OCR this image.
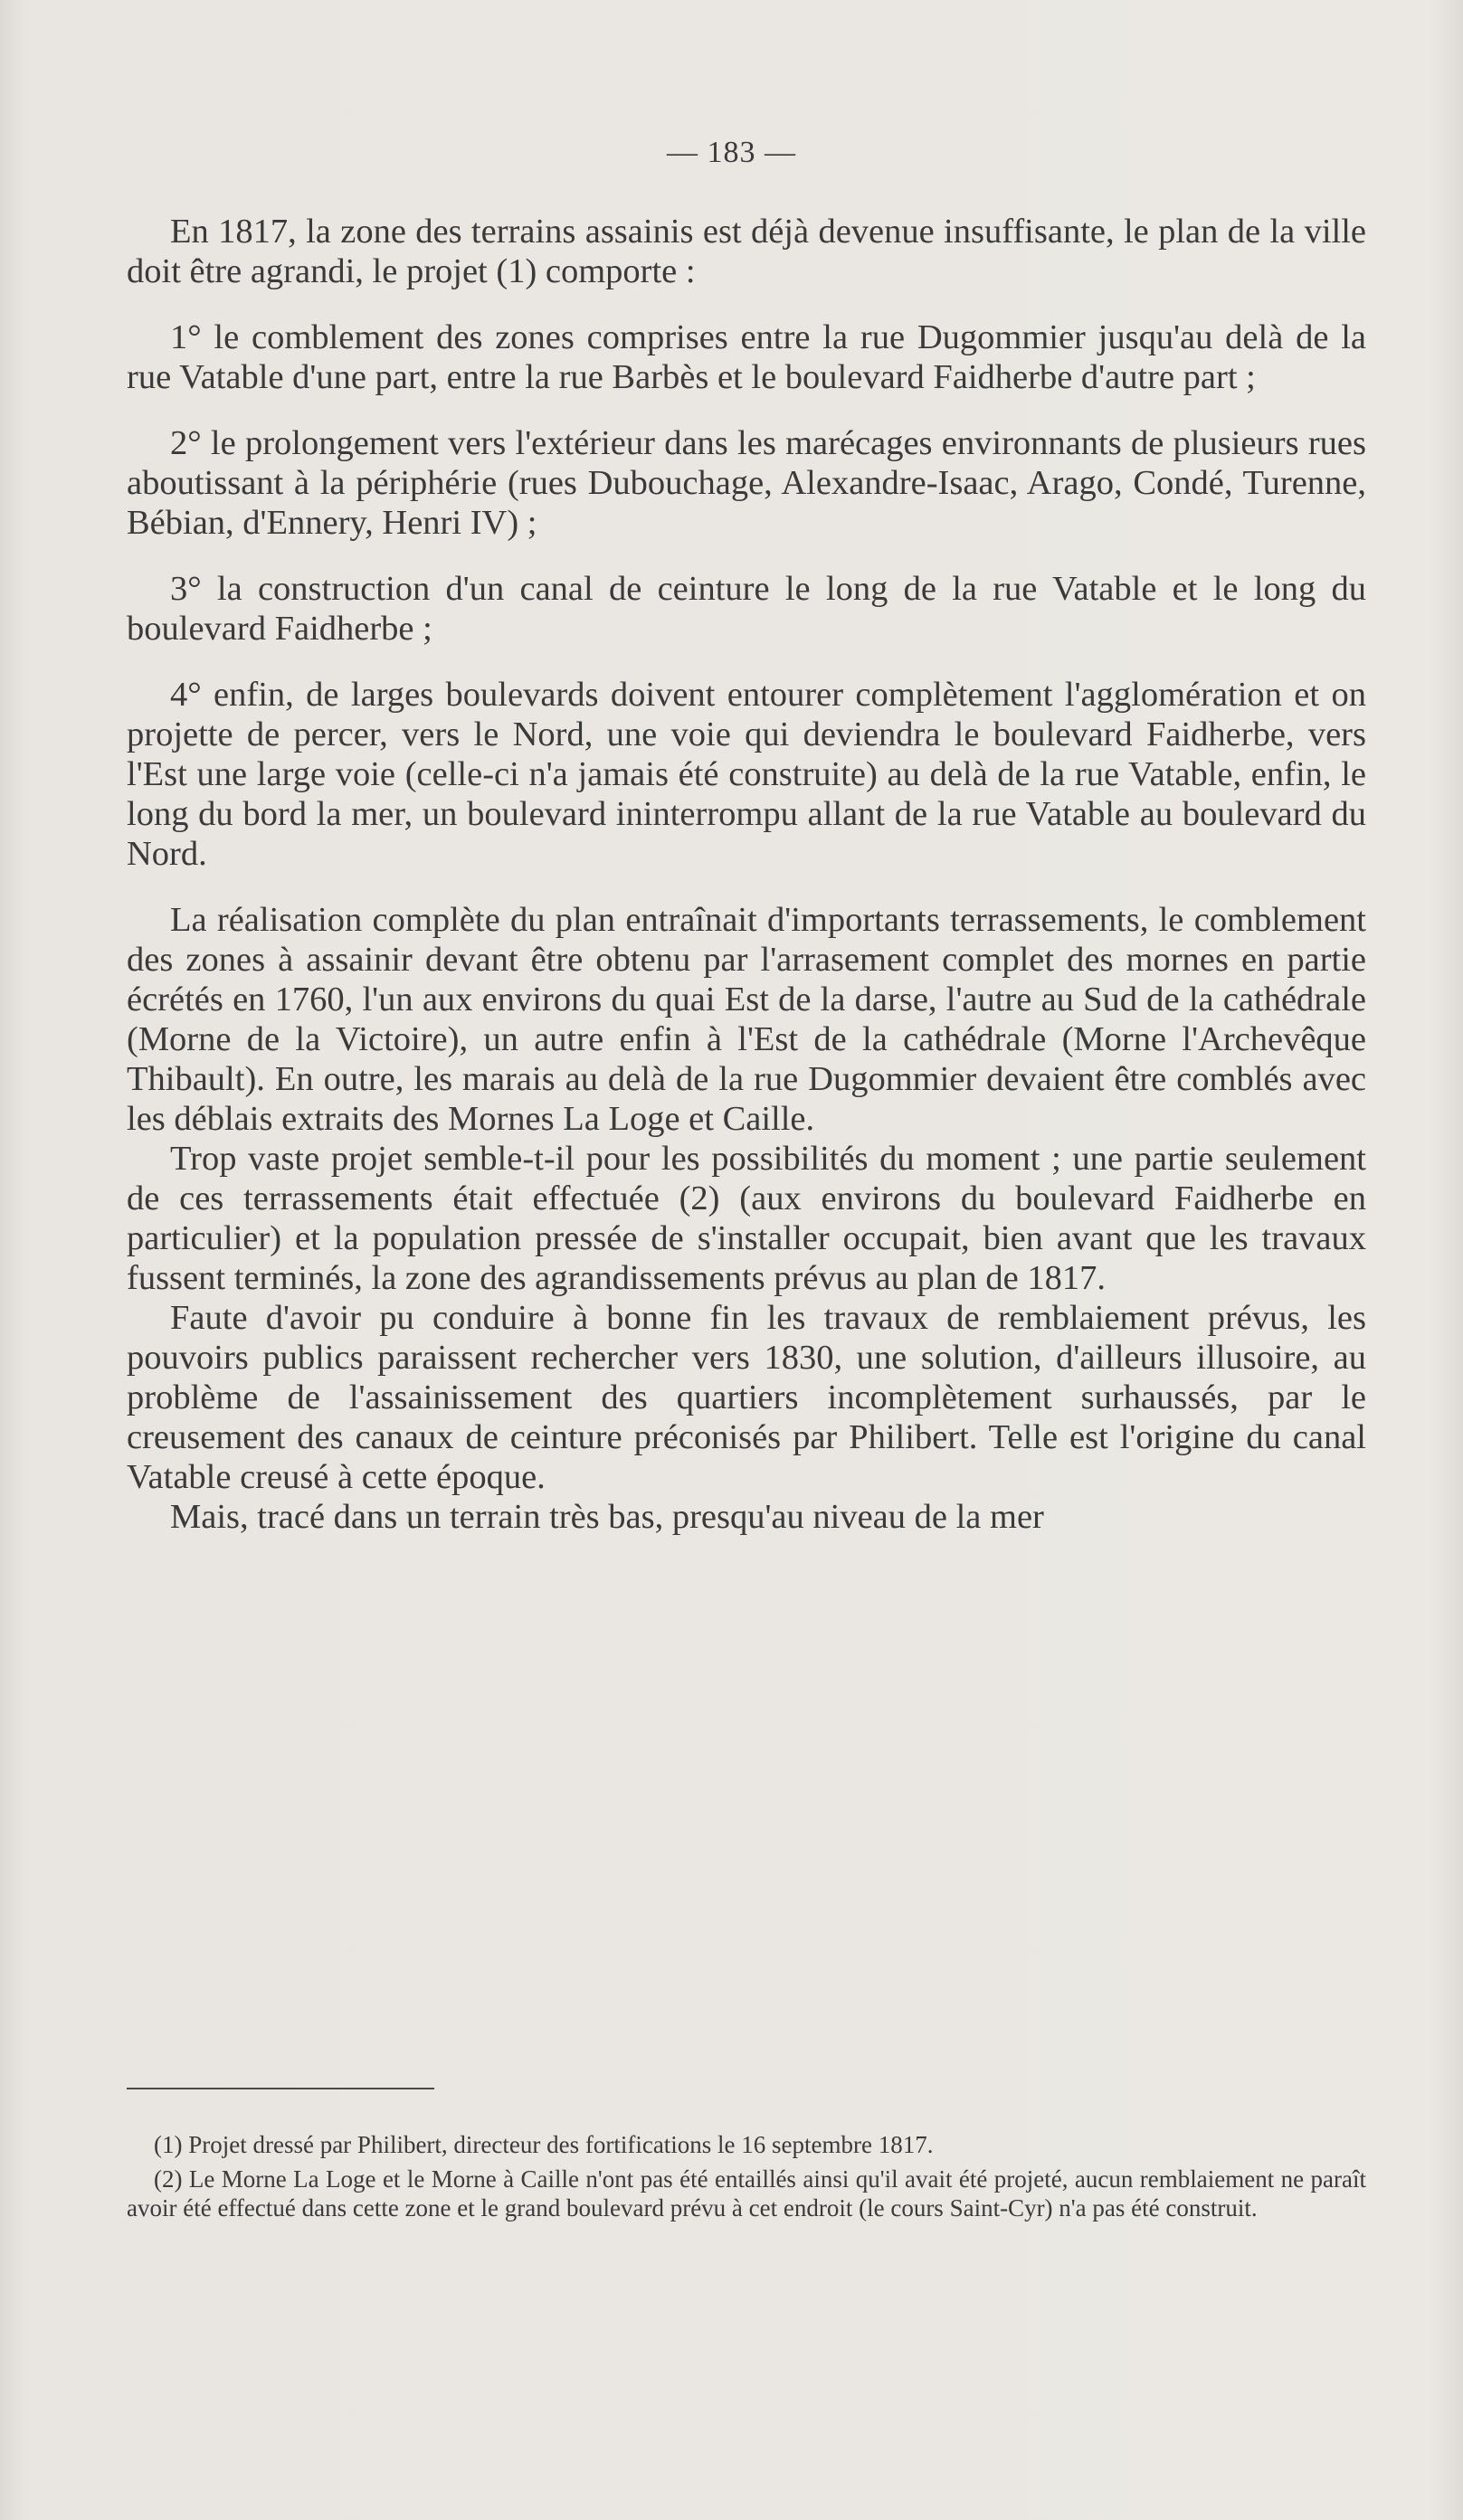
— 183 —

En 1817, la zone des terrains assainis est déjà devenue insuffisante, le plan de la ville doit être agrandi, le projet (1) comporte :

1° le comblement des zones comprises entre la rue Dugommier jusqu'au delà de la rue Vatable d'une part, entre la rue Barbès et le boulevard Faidherbe d'autre part ;

2° le prolongement vers l'extérieur dans les marécages environnants de plusieurs rues aboutissant à la périphérie (rues Dubouchage, Alexandre-Isaac, Arago, Condé, Turenne, Bébian, d'Ennery, Henri IV) ;

3° la construction d'un canal de ceinture le long de la rue Vatable et le long du boulevard Faidherbe ;

4° enfin, de larges boulevards doivent entourer complètement l'agglomération et on projette de percer, vers le Nord, une voie qui deviendra le boulevard Faidherbe, vers l'Est une large voie (celle-ci n'a jamais été construite) au delà de la rue Vatable, enfin, le long du bord la mer, un boulevard ininterrompu allant de la rue Vatable au boulevard du Nord.

La réalisation complète du plan entraînait d'importants terrassements, le comblement des zones à assainir devant être obtenu par l'arrasement complet des mornes en partie écrétés en 1760, l'un aux environs du quai Est de la darse, l'autre au Sud de la cathédrale (Morne de la Victoire), un autre enfin à l'Est de la cathédrale (Morne l'Archevêque Thibault). En outre, les marais au delà de la rue Dugommier devaient être comblés avec les déblais extraits des Mornes La Loge et Caille.

Trop vaste projet semble-t-il pour les possibilités du moment ; une partie seulement de ces terrassements était effectuée (2) (aux environs du boulevard Faidherbe en particulier) et la population pressée de s'installer occupait, bien avant que les travaux fussent terminés, la zone des agrandissements prévus au plan de 1817.

Faute d'avoir pu conduire à bonne fin les travaux de remblaiement prévus, les pouvoirs publics paraissent rechercher vers 1830, une solution, d'ailleurs illusoire, au problème de l'assainissement des quartiers incomplètement surhaussés, par le creusement des canaux de ceinture préconisés par Philibert. Telle est l'origine du canal Vatable creusé à cette époque.

Mais, tracé dans un terrain très bas, presqu'au niveau de la mer

(1) Projet dressé par Philibert, directeur des fortifications le 16 septembre 1817.

(2) Le Morne La Loge et le Morne à Caille n'ont pas été entaillés ainsi qu'il avait été projeté, aucun remblaiement ne paraît avoir été effectué dans cette zone et le grand boulevard prévu à cet endroit (le cours Saint-Cyr) n'a pas été construit.
